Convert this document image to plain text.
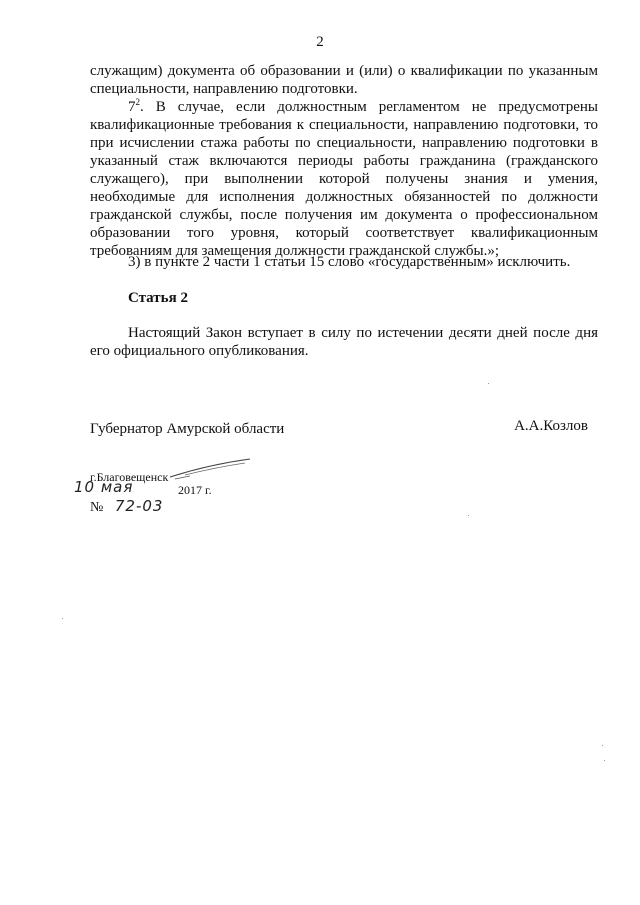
2

служащим) документа об образовании и (или) о квалификации по указанным специальности, направлению подготовки.

$7^2$. В случае, если должностным регламентом не предусмотрены квалификационные требования к специальности, направлению подготовки, то при исчислении стажа работы по специальности, направлению подготовки в указанный стаж включаются периоды работы гражданина (гражданского служащего), при выполнении которой получены знания и умения, необходимые для исполнения должностных обязанностей по должности гражданской службы, после получения им документа о профессиональном образовании того уровня, который соответствует квалификационным требованиям для замещения должности гражданской службы.»;

3) в пункте 2 части 1 статьи 15 слово «государственным» исключить.

Статья 2

Настоящий Закон вступает в силу по истечении десяти дней после дня его официального опубликования.

Губернатор Амурской области	А.А.Козлов
г.Благовещенск
10 мая	2017 г.
№ 72-03
